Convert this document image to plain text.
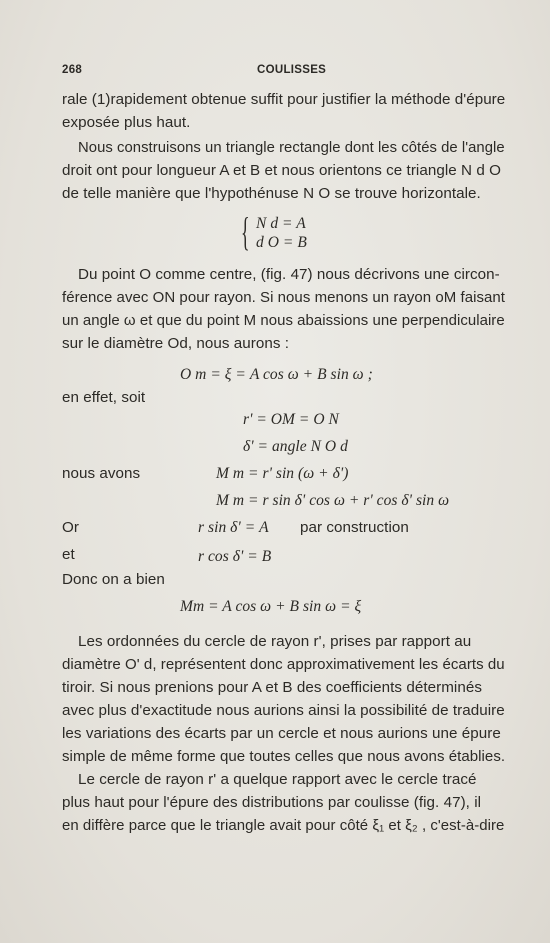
268	COULISSES
rale (1)rapidement obtenue suffit pour justifier la méthode d'épure
exposée plus haut.
Nous construisons un triangle rectangle dont les côtés de l'angle
droit ont pour longueur A et B et nous orientons ce triangle N d O
de telle manière que l'hypothénuse N O se trouve horizontale.
{ N d = A
d O = B
Du point O comme centre, (fig. 47) nous décrivons une circon-
férence avec ON pour rayon. Si nous menons un rayon oM faisant
un angle ω et que du point M nous abaissions une perpendiculaire
sur le diamètre Od, nous aurons :
O m = ξ = A cos ω + B sin ω ;
en effet, soit
r' = OM = O N
δ' = angle N O d
nous avons	M m = r' sin (ω + δ')
M m = r sin δ' cos ω + r' cos δ' sin ω
Or	r sin δ' = A par construction
et	r cos δ' = B
Donc on a bien
Mm = A cos ω + B sin ω = ξ
Les ordonnées du cercle de rayon r', prises par rapport au
diamètre O' d, représentent donc approximativement les écarts du
tiroir. Si nous prenions pour A et B des coefficients déterminés
avec plus d'exactitude nous aurions ainsi la possibilité de traduire
les variations des écarts par un cercle et nous aurions une épure
simple de même forme que toutes celles que nous avons établies.
Le cercle de rayon r' a quelque rapport avec le cercle tracé
plus haut pour l'épure des distributions par coulisse (fig. 47), il
en diffère parce que le triangle avait pour côté ξ₁ et ξ₂ , c'est-à-dire
